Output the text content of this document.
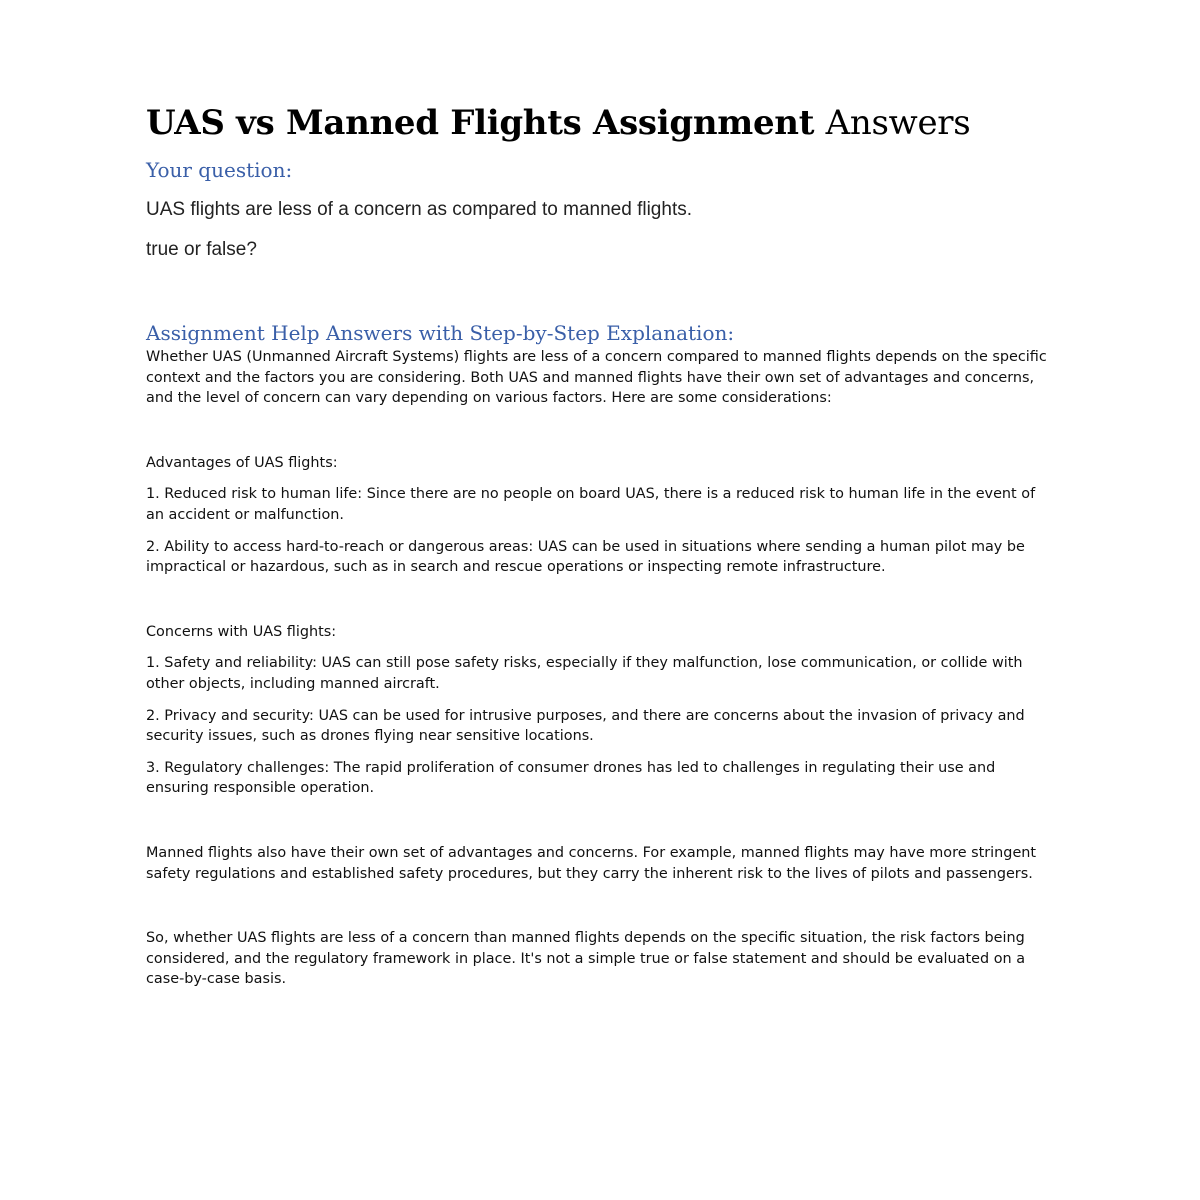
UAS vs Manned Flights Assignment Answers
Your question:

UAS flights are less of a concern as compared to manned flights.

true or false?

Assignment Help Answers with Step-by-Step Explanation:

Whether UAS (Unmanned Aircraft Systems) flights are less of a concern compared to manned flights depends on the specific context and the factors you are considering. Both UAS and manned flights have their own set of advantages and concerns, and the level of concern can vary depending on various factors. Here are some considerations:

Advantages of UAS flights:

1. Reduced risk to human life: Since there are no people on board UAS, there is a reduced risk to human life in the event of an accident or malfunction.

2. Ability to access hard-to-reach or dangerous areas: UAS can be used in situations where sending a human pilot may be impractical or hazardous, such as in search and rescue operations or inspecting remote infrastructure.

Concerns with UAS flights:

1. Safety and reliability: UAS can still pose safety risks, especially if they malfunction, lose communication, or collide with other objects, including manned aircraft.

2. Privacy and security: UAS can be used for intrusive purposes, and there are concerns about the invasion of privacy and security issues, such as drones flying near sensitive locations.

3. Regulatory challenges: The rapid proliferation of consumer drones has led to challenges in regulating their use and ensuring responsible operation.

Manned flights also have their own set of advantages and concerns. For example, manned flights may have more stringent safety regulations and established safety procedures, but they carry the inherent risk to the lives of pilots and passengers.

So, whether UAS flights are less of a concern than manned flights depends on the specific situation, the risk factors being considered, and the regulatory framework in place. It's not a simple true or false statement and should be evaluated on a case-by-case basis.
